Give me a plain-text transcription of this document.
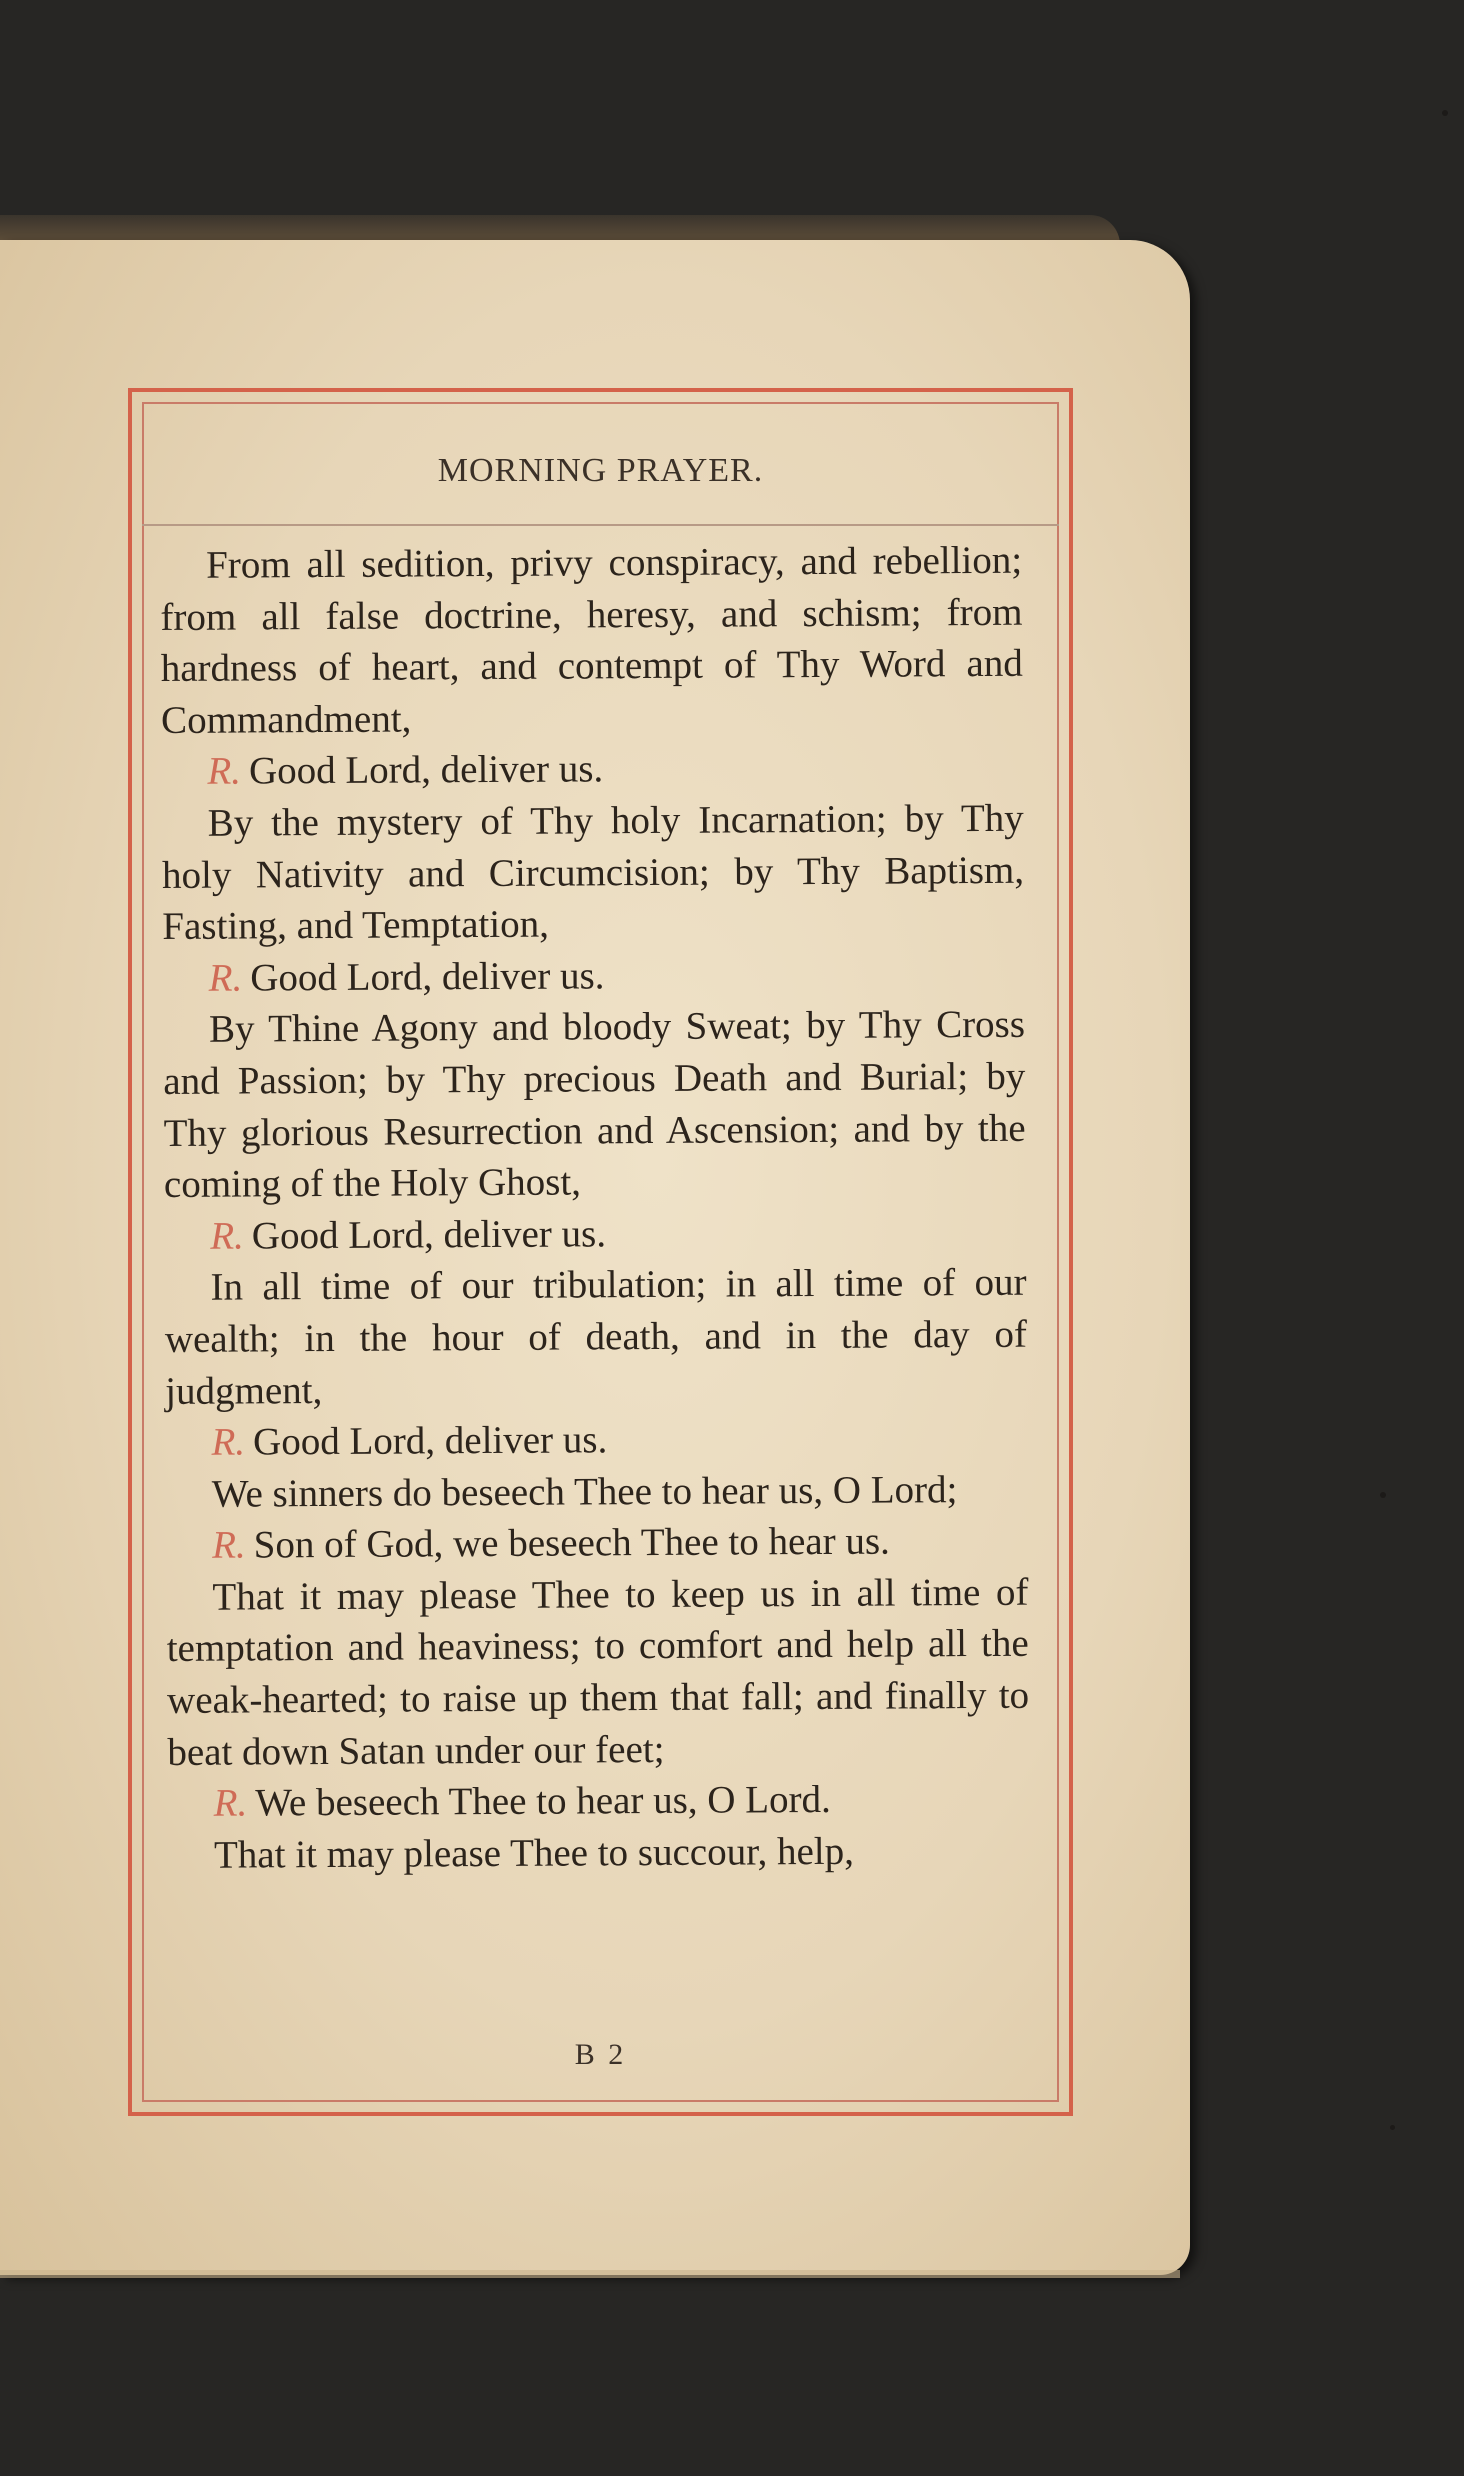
MORNING PRAYER.

From all sedition, privy conspiracy, and rebellion; from all false doctrine, heresy, and schism; from hardness of heart, and contempt of Thy Word and Commandment,

R. Good Lord, deliver us.

By the mystery of Thy holy Incarnation; by Thy holy Nativity and Circumcision; by Thy Baptism, Fasting, and Temptation,

R. Good Lord, deliver us.

By Thine Agony and bloody Sweat; by Thy Cross and Passion; by Thy precious Death and Burial; by Thy glorious Resurrection and Ascension; and by the coming of the Holy Ghost,

R. Good Lord, deliver us.

In all time of our tribulation; in all time of our wealth; in the hour of death, and in the day of judgment,

R. Good Lord, deliver us.

We sinners do beseech Thee to hear us, O Lord;

R. Son of God, we beseech Thee to hear us.

That it may please Thee to keep us in all time of temptation and heaviness; to comfort and help all the weak-hearted; to raise up them that fall; and finally to beat down Satan under our feet;

R. We beseech Thee to hear us, O Lord.

That it may please Thee to succour, help,

B 2
